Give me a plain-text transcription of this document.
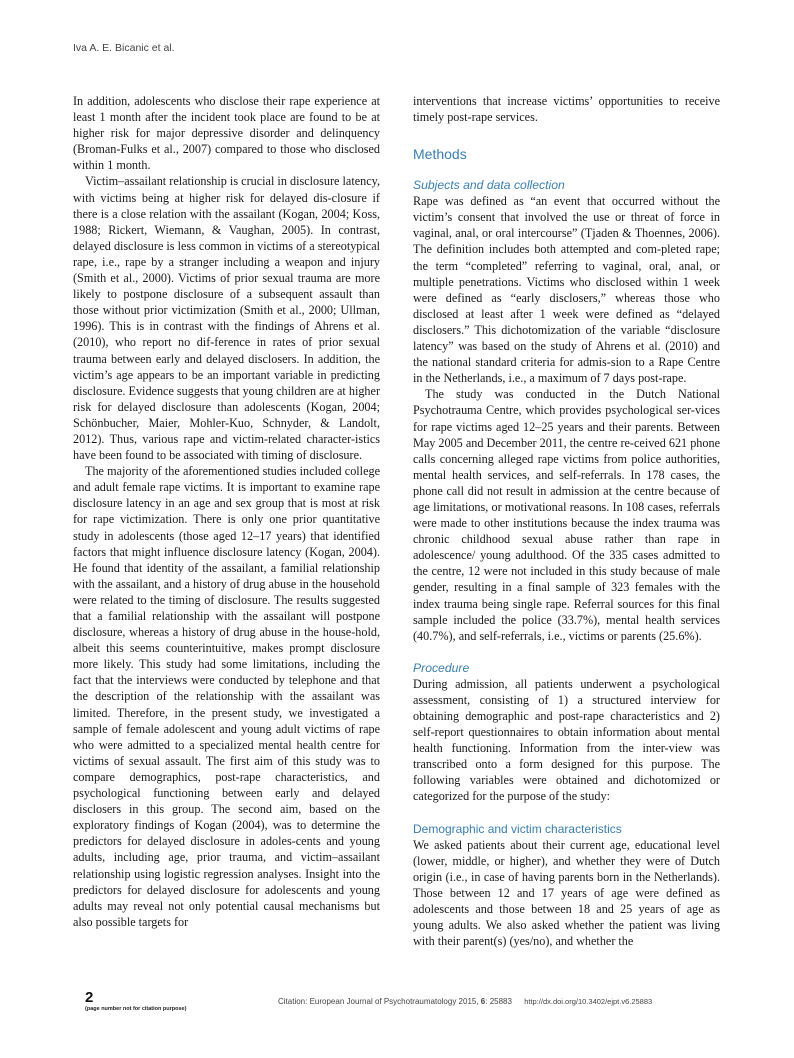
Iva A. E. Bicanic et al.

In addition, adolescents who disclose their rape experience at least 1 month after the incident took place are found to be at higher risk for major depressive disorder and delinquency (Broman-Fulks et al., 2007) compared to those who disclosed within 1 month.

Victim–assailant relationship is crucial in disclosure latency, with victims being at higher risk for delayed dis-closure if there is a close relation with the assailant (Kogan, 2004; Koss, 1988; Rickert, Wiemann, & Vaughan, 2005). In contrast, delayed disclosure is less common in victims of a stereotypical rape, i.e., rape by a stranger including a weapon and injury (Smith et al., 2000). Victims of prior sexual trauma are more likely to postpone disclosure of a subsequent assault than those without prior victimization (Smith et al., 2000; Ullman, 1996). This is in contrast with the findings of Ahrens et al. (2010), who report no dif-ference in rates of prior sexual trauma between early and delayed disclosers. In addition, the victim’s age appears to be an important variable in predicting disclosure. Evidence suggests that young children are at higher risk for delayed disclosure than adolescents (Kogan, 2004; Schönbucher, Maier, Mohler-Kuo, Schnyder, & Landolt, 2012). Thus, various rape and victim-related character-istics have been found to be associated with timing of disclosure.

The majority of the aforementioned studies included college and adult female rape victims. It is important to examine rape disclosure latency in an age and sex group that is most at risk for rape victimization. There is only one prior quantitative study in adolescents (those aged 12–17 years) that identified factors that might influence disclosure latency (Kogan, 2004). He found that identity of the assailant, a familial relationship with the assailant, and a history of drug abuse in the household were related to the timing of disclosure. The results suggested that a familial relationship with the assailant will postpone disclosure, whereas a history of drug abuse in the house-hold, albeit this seems counterintuitive, makes prompt disclosure more likely. This study had some limitations, including the fact that the interviews were conducted by telephone and that the description of the relationship with the assailant was limited. Therefore, in the present study, we investigated a sample of female adolescent and young adult victims of rape who were admitted to a specialized mental health centre for victims of sexual assault. The first aim of this study was to compare demographics, post-rape characteristics, and psychological functioning between early and delayed disclosers in this group. The second aim, based on the exploratory findings of Kogan (2004), was to determine the predictors for delayed disclosure in adoles-cents and young adults, including age, prior trauma, and victim–assailant relationship using logistic regression analyses. Insight into the predictors for delayed disclosure for adolescents and young adults may reveal not only potential causal mechanisms but also possible targets for

interventions that increase victims’ opportunities to receive timely post-rape services.

Methods
Subjects and data collection

Rape was defined as “an event that occurred without the victim’s consent that involved the use or threat of force in vaginal, anal, or oral intercourse” (Tjaden & Thoennes, 2006). The definition includes both attempted and com-pleted rape; the term “completed” referring to vaginal, oral, anal, or multiple penetrations. Victims who disclosed within 1 week were defined as “early disclosers,” whereas those who disclosed at least after 1 week were defined as “delayed disclosers.” This dichotomization of the variable “disclosure latency” was based on the study of Ahrens et al. (2010) and the national standard criteria for admis-sion to a Rape Centre in the Netherlands, i.e., a maximum of 7 days post-rape.

The study was conducted in the Dutch National Psychotrauma Centre, which provides psychological ser-vices for rape victims aged 12–25 years and their parents. Between May 2005 and December 2011, the centre re-ceived 621 phone calls concerning alleged rape victims from police authorities, mental health services, and self-referrals. In 178 cases, the phone call did not result in admission at the centre because of age limitations, or motivational reasons. In 108 cases, referrals were made to other institutions because the index trauma was chronic childhood sexual abuse rather than rape in adolescence/ young adulthood. Of the 335 cases admitted to the centre, 12 were not included in this study because of male gender, resulting in a final sample of 323 females with the index trauma being single rape. Referral sources for this final sample included the police (33.7%), mental health services (40.7%), and self-referrals, i.e., victims or parents (25.6%).

Procedure

During admission, all patients underwent a psychological assessment, consisting of 1) a structured interview for obtaining demographic and post-rape characteristics and 2) self-report questionnaires to obtain information about mental health functioning. Information from the inter-view was transcribed onto a form designed for this purpose. The following variables were obtained and dichotomized or categorized for the purpose of the study:

Demographic and victim characteristics

We asked patients about their current age, educational level (lower, middle, or higher), and whether they were of Dutch origin (i.e., in case of having parents born in the Netherlands). Those between 12 and 17 years of age were defined as adolescents and those between 18 and 25 years of age as young adults. We also asked whether the patient was living with their parent(s) (yes/no), and whether the

2
(page number not for citation purpose)
Citation: European Journal of Psychotraumatology 2015, 6: 25883 http://dx.doi.org/10.3402/ejpt.v6.25883
